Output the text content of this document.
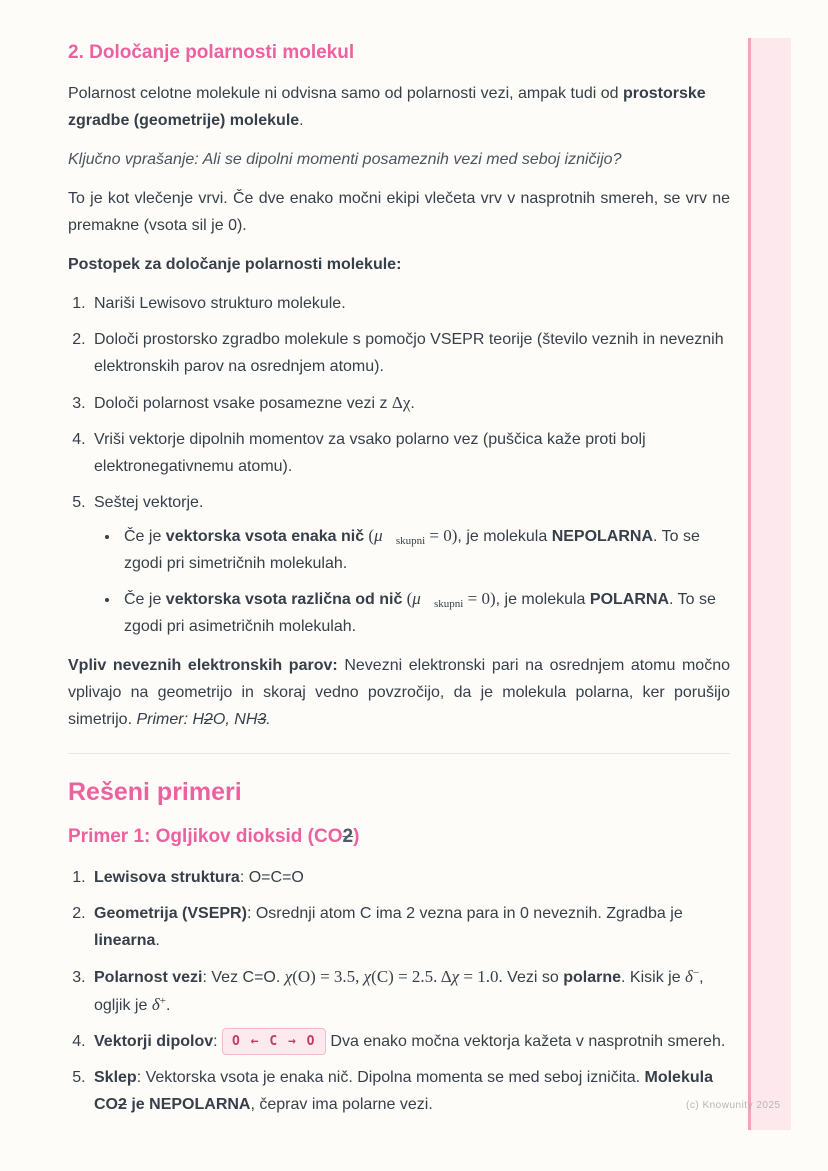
(c) Knowunity 2025
2. Določanje polarnosti molekul

Polarnost celotne molekule ni odvisna samo od polarnosti vezi, ampak tudi od prostorske zgradbe (geometrije) molekule.

Ključno vprašanje: Ali se dipolni momenti posameznih vezi med seboj izničijo?

To je kot vlečenje vrvi. Če dve enako močni ekipi vlečeta vrv v nasprotnih smereh, se vrv ne premakne (vsota sil je 0).

Postopek za določanje polarnosti molekule:

1. Nariši Lewisovo strukturo molekule.
2. Določi prostorsko zgradbo molekule s pomočjo VSEPR teorije (število veznih in neveznih elektronskih parov na osrednjem atomu).
3. Določi polarnost vsake posamezne vezi z Δχ.
4. Vriši vektorje dipolnih momentov za vsako polarno vez (puščica kaže proti bolj elektronegativnemu atomu).
5. Seštej vektorje.
• Če je vektorska vsota enaka nič $(\mu⃗_{skupni} = 0)$, je molekula NEPOLARNA. To se zgodi pri simetričnih molekulah.
• Če je vektorska vsota različna od nič $(\mu⃗_{skupni} = 0)$, je molekula POLARNA. To se zgodi pri asimetričnih molekulah.

Vpliv neveznih elektronskih parov: Nevezni elektronski pari na osrednjem atomu močno vplivajo na geometrijo in skoraj vedno povzročijo, da je molekula polarna, ker porušijo simetrijo. Primer: H2O, NH3.

Rešeni primeri
Primer 1: Ogljikov dioksid (CO2)
1. Lewisova struktura: O=C=O
2. Geometrija (VSEPR): Osrednji atom C ima 2 vezna para in 0 neveznih. Zgradba je linearna.
3. Polarnost vezi: Vez C=O. χ(O) = 3.5, χ(C) = 2.5. Δχ = 1.0. Vezi so polarne. Kisik je δ−, ogljik je δ+.
4. Vektorji dipolov: O ← C → O Dva enako močna vektorja kažeta v nasprotnih smereh.
5. Sklep: Vektorska vsota je enaka nič. Dipolna momenta se med seboj izničita. Molekula CO2 je NEPOLARNA, čeprav ima polarne vezi.
